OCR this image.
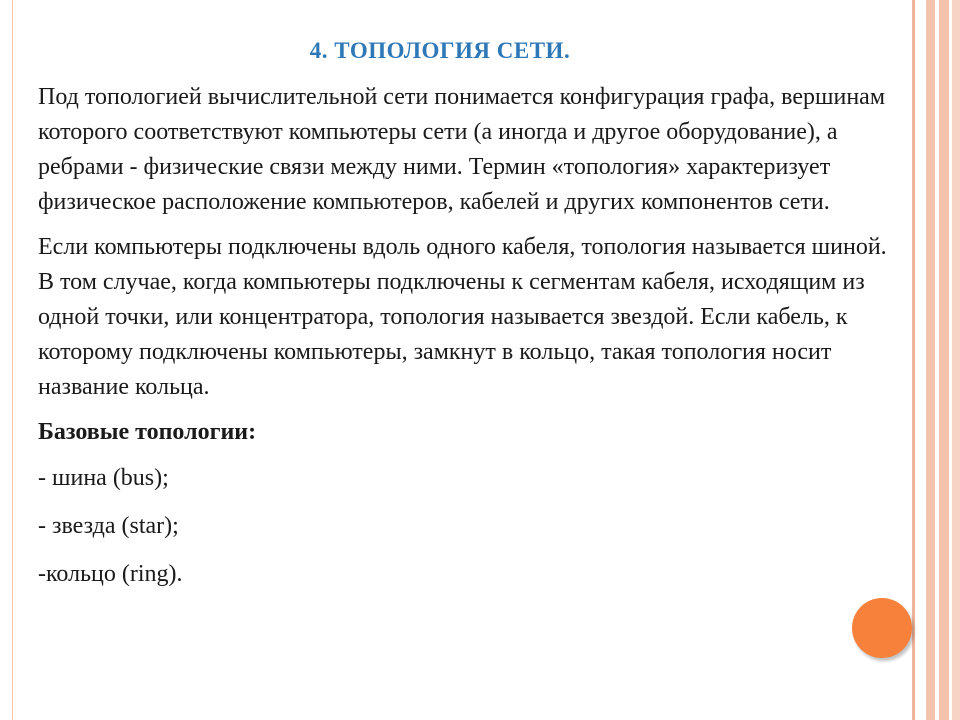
4. ТОПОЛОГИЯ СЕТИ.

Под топологией вычислительной сети понимается конфигурация графа, вершинам которого соответствуют компьютеры сети (а иногда и другое оборудование), а ребрами - физические связи между ними. Термин «топология» характеризует физическое расположение компьютеров, кабелей и других компонентов сети.

Если компьютеры подключены вдоль одного кабеля, топология называется шиной. В том случае, когда компьютеры подключены к сегментам кабеля, исходящим из одной точки, или концентратора, топология называется звездой. Если кабель, к которому подключены компьютеры, замкнут в кольцо, такая топология носит название кольца.

Базовые топологии:

- шина (bus);

- звезда (star);

-кольцо (ring).
